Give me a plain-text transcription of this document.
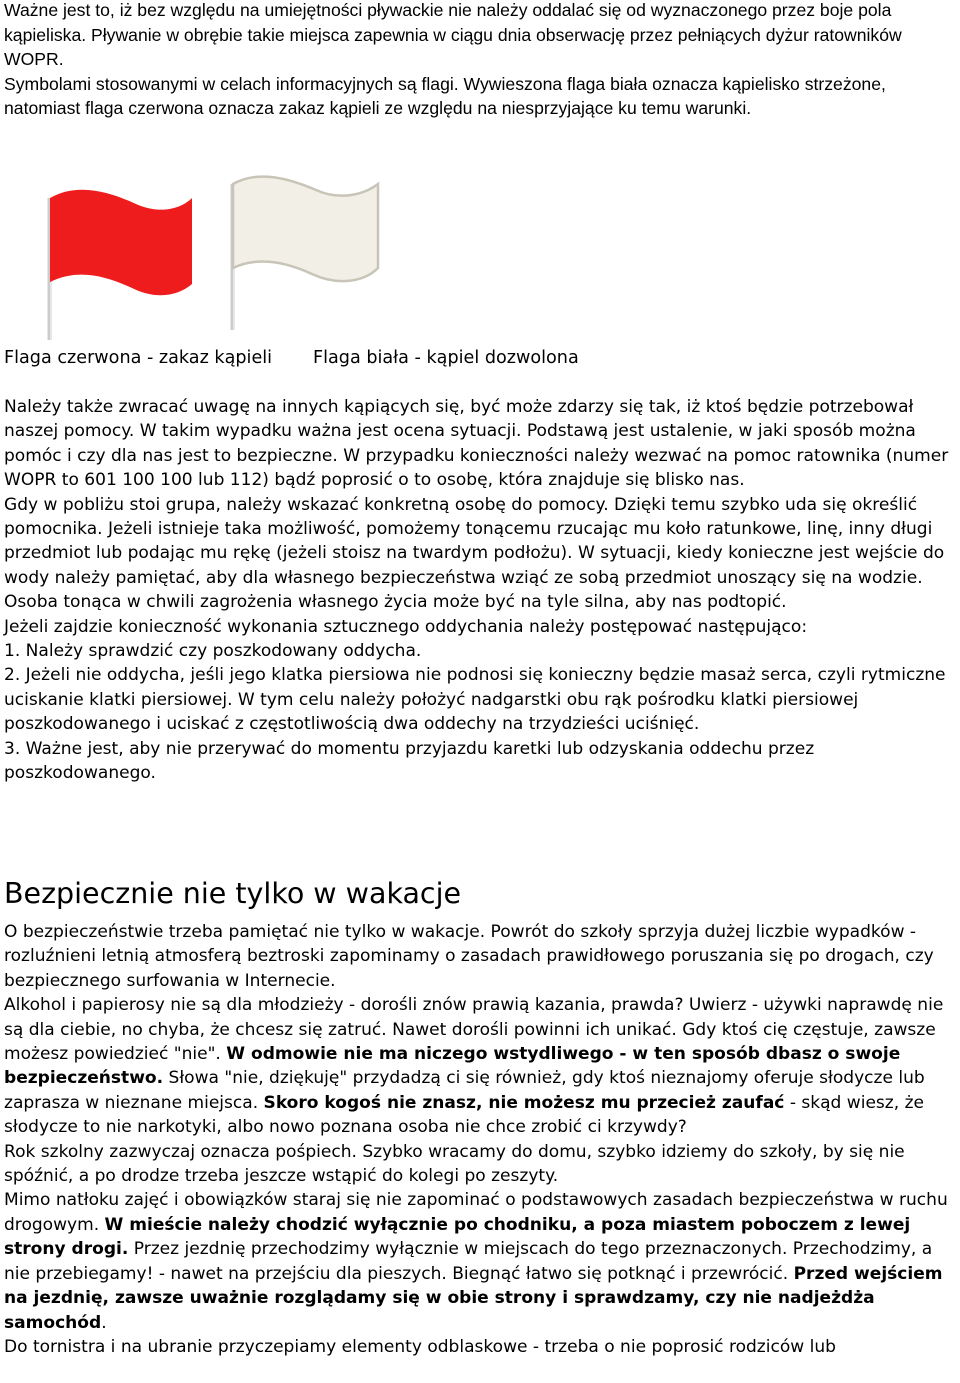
Ważne jest to, iż bez względu na umiejętności pływackie nie należy oddalać się od wyznaczonego przez boje pola kąpieliska. Pływanie w obrębie takie miejsca zapewnia w ciągu dnia obserwację przez pełniących dyżur ratowników WOPR.

Symbolami stosowanymi w celach informacyjnych są flagi. Wywieszona flaga biała oznacza kąpielisko strzeżone, natomiast flaga czerwona oznacza zakaz kąpieli ze względu na niesprzyjające ku temu warunki.

Flaga czerwona - zakaz kąpieli Flaga biała - kąpiel dozwolona

Należy także zwracać uwagę na innych kąpiących się, być może zdarzy się tak, iż ktoś będzie potrzebował naszej pomocy. W takim wypadku ważna jest ocena sytuacji. Podstawą jest ustalenie, w jaki sposób można pomóc i czy dla nas jest to bezpieczne. W przypadku konieczności należy wezwać na pomoc ratownika (numer WOPR to 601 100 100 lub 112) bądź poprosić o to osobę, która znajduje się blisko nas.

Gdy w pobliżu stoi grupa, należy wskazać konkretną osobę do pomocy. Dzięki temu szybko uda się określić pomocnika. Jeżeli istnieje taka możliwość, pomożemy tonącemu rzucając mu koło ratunkowe, linę, inny długi przedmiot lub podając mu rękę (jeżeli stoisz na twardym podłożu). W sytuacji, kiedy konieczne jest wejście do wody należy pamiętać, aby dla własnego bezpieczeństwa wziąć ze sobą przedmiot unoszący się na wodzie. Osoba tonąca w chwili zagrożenia własnego życia może być na tyle silna, aby nas podtopić.

Jeżeli zajdzie konieczność wykonania sztucznego oddychania należy postępować następująco:

1. Należy sprawdzić czy poszkodowany oddycha.

2. Jeżeli nie oddycha, jeśli jego klatka piersiowa nie podnosi się konieczny będzie masaż serca, czyli rytmiczne uciskanie klatki piersiowej. W tym celu należy położyć nadgarstki obu rąk pośrodku klatki piersiowej poszkodowanego i uciskać z częstotliwością dwa oddechy na trzydzieści uciśnięć.

3. Ważne jest, aby nie przerywać do momentu przyjazdu karetki lub odzyskania oddechu przez poszkodowanego.

Bezpiecznie nie tylko w wakacje

O bezpieczeństwie trzeba pamiętać nie tylko w wakacje. Powrót do szkoły sprzyja dużej liczbie wypadków - rozluźnieni letnią atmosferą beztroski zapominamy o zasadach prawidłowego poruszania się po drogach, czy bezpiecznego surfowania w Internecie.

Alkohol i papierosy nie są dla młodzieży - dorośli znów prawią kazania, prawda? Uwierz - używki naprawdę nie są dla ciebie, no chyba, że chcesz się zatruć. Nawet dorośli powinni ich unikać. Gdy ktoś cię częstuje, zawsze możesz powiedzieć "nie". W odmowie nie ma niczego wstydliwego - w ten sposób dbasz o swoje bezpieczeństwo. Słowa "nie, dziękuję" przydadzą ci się również, gdy ktoś nieznajomy oferuje słodycze lub zaprasza w nieznane miejsca. Skoro kogoś nie znasz, nie możesz mu przecież zaufać - skąd wiesz, że słodycze to nie narkotyki, albo nowo poznana osoba nie chce zrobić ci krzywdy?

Rok szkolny zazwyczaj oznacza pośpiech. Szybko wracamy do domu, szybko idziemy do szkoły, by się nie spóźnić, a po drodze trzeba jeszcze wstąpić do kolegi po zeszyty.

Mimo natłoku zajęć i obowiązków staraj się nie zapominać o podstawowych zasadach bezpieczeństwa w ruchu drogowym. W mieście należy chodzić wyłącznie po chodniku, a poza miastem poboczem z lewej strony drogi. Przez jezdnię przechodzimy wyłącznie w miejscach do tego przeznaczonych. Przechodzimy, a nie przebiegamy! - nawet na przejściu dla pieszych. Biegnąć łatwo się potknąć i przewrócić. Przed wejściem na jezdnię, zawsze uważnie rozglądamy się w obie strony i sprawdzamy, czy nie nadjeżdża samochód.

Do tornistra i na ubranie przyczepiamy elementy odblaskowe - trzeba o nie poprosić rodziców lub
